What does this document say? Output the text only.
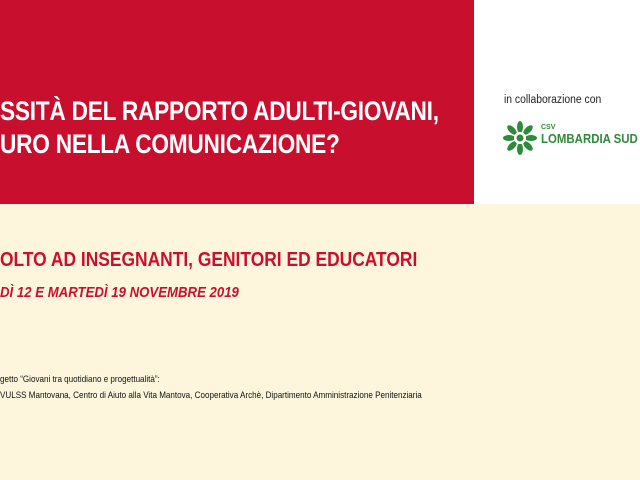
SSITÀ DEL RAPPORTO ADULTI-GIOVANI,
URO NELLA COMUNICAZIONE?
in collaborazione con
CSV
LOMBARDIA SUD
OLTO AD INSEGNANTI, GENITORI ED EDUCATORI
DÌ 12 E MARTEDÌ 19 NOVEMBRE 2019
getto “Giovani tra quotidiano e progettualità”:
VULSS Mantovana, Centro di Aiuto alla Vita Mantova, Cooperativa Archè, Dipartimento Amministrazione Penitenziaria
